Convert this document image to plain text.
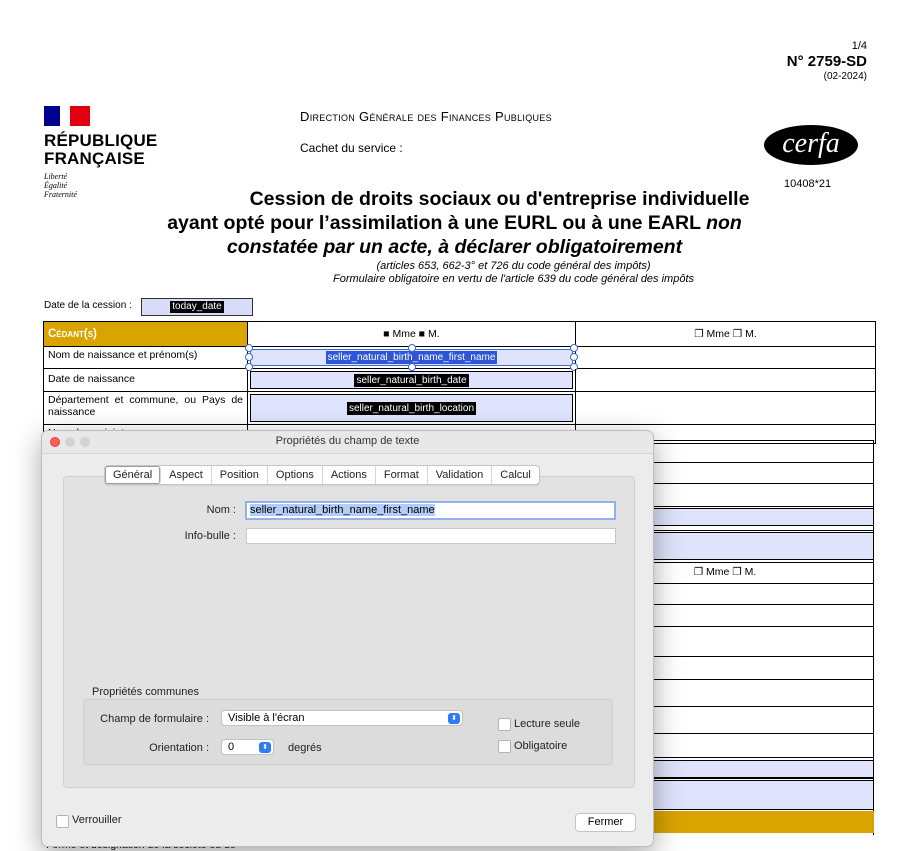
1/4
N° 2759-SD
(02-2024)
RÉPUBLIQUE
FRANÇAISE
Liberté
Égalité
Fraternité
Direction Générale des Finances Publiques
Cachet du service :	cerfa
10408*21
Cession de droits sociaux ou d'entreprise individuelle
ayant opté pour l’assimilation à une EURL ou à une EARL non
constatée par un acte, à déclarer obligatoirement
(articles 653, 662-3° et 726 du code général des impôts)
Formulaire obligatoire en vertu de l'article 639 du code général des impôts
Date de la cession :	today_date
Cédant(s)	■ Mme ■ M.	❐ Mme ❐ M.
Nom de naissance et prénom(s)	seller_natural_birth_name_first_name
Date de naissance	seller_natural_birth_date
Département et commune, ou Pays de naissance	seller_natural_birth_location
❐ Mme ❐ M.
Propriétés du champ de texte
Nom :	seller_natural_birth_name_first_name
Info-bulle :
Général	Aspect	Position	Options	Actions	Format	Validation	Calcul
Propriétés communes
Champ de formulaire :	Visible à l'écran	⬍
Orientation :	0	⬍ degrés
Lecture seule
Obligatoire
Verrouiller	Fermer
